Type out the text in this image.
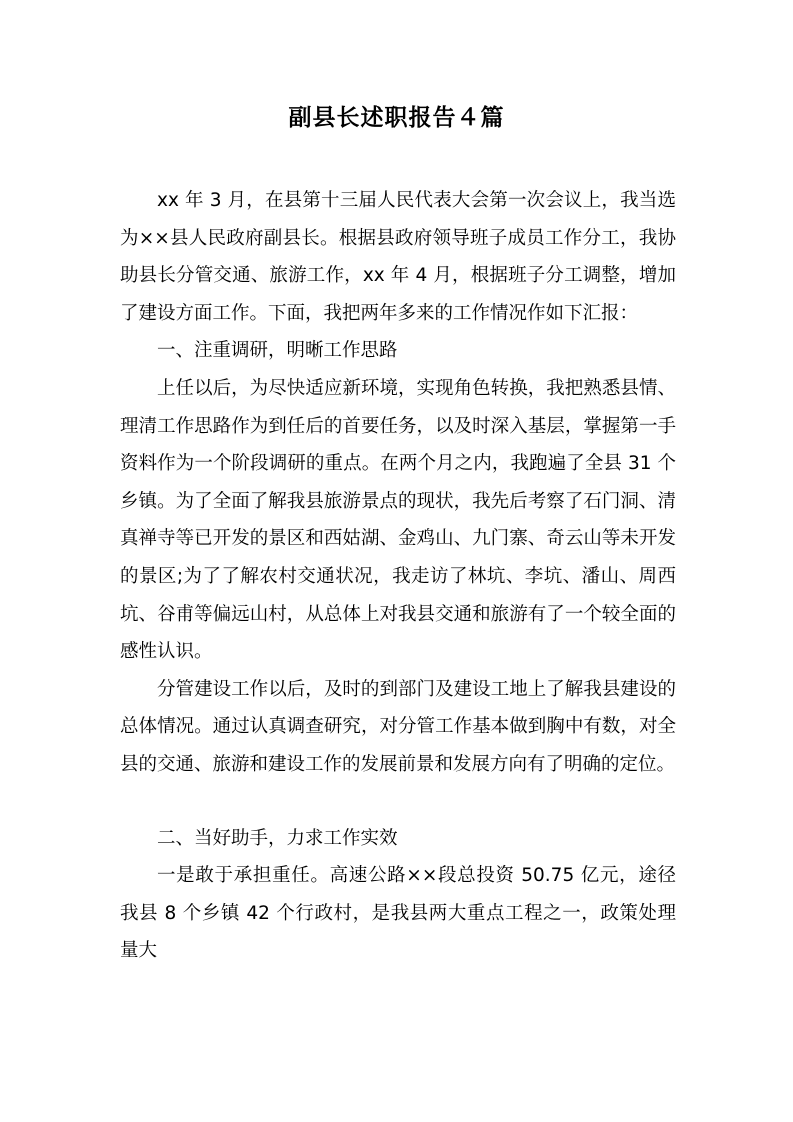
副县长述职报告４篇

xx 年 3 月，在县第十三届人民代表大会第一次会议上，我当选为××县人民政府副县长。根据县政府领导班子成员工作分工，我协助县长分管交通、旅游工作，xx 年 4 月，根据班子分工调整，增加了建设方面工作。下面，我把两年多来的工作情况作如下汇报：

一、注重调研，明晰工作思路

上任以后，为尽快适应新环境，实现角色转换，我把熟悉县情、理清工作思路作为到任后的首要任务，以及时深入基层，掌握第一手资料作为一个阶段调研的重点。在两个月之内，我跑遍了全县 31 个乡镇。为了全面了解我县旅游景点的现状，我先后考察了石门洞、清真禅寺等已开发的景区和西姑湖、金鸡山、九门寨、奇云山等未开发的景区;为了了解农村交通状况，我走访了林坑、李坑、潘山、周西坑、谷甫等偏远山村，从总体上对我县交通和旅游有了一个较全面的感性认识。

分管建设工作以后，及时的到部门及建设工地上了解我县建设的总体情况。通过认真调查研究，对分管工作基本做到胸中有数，对全县的交通、旅游和建设工作的发展前景和发展方向有了明确的定位。

二、当好助手，力求工作实效

一是敢于承担重任。高速公路××段总投资 50.75 亿元，途径我县 8 个乡镇 42 个行政村，是我县两大重点工程之一，政策处理量大
